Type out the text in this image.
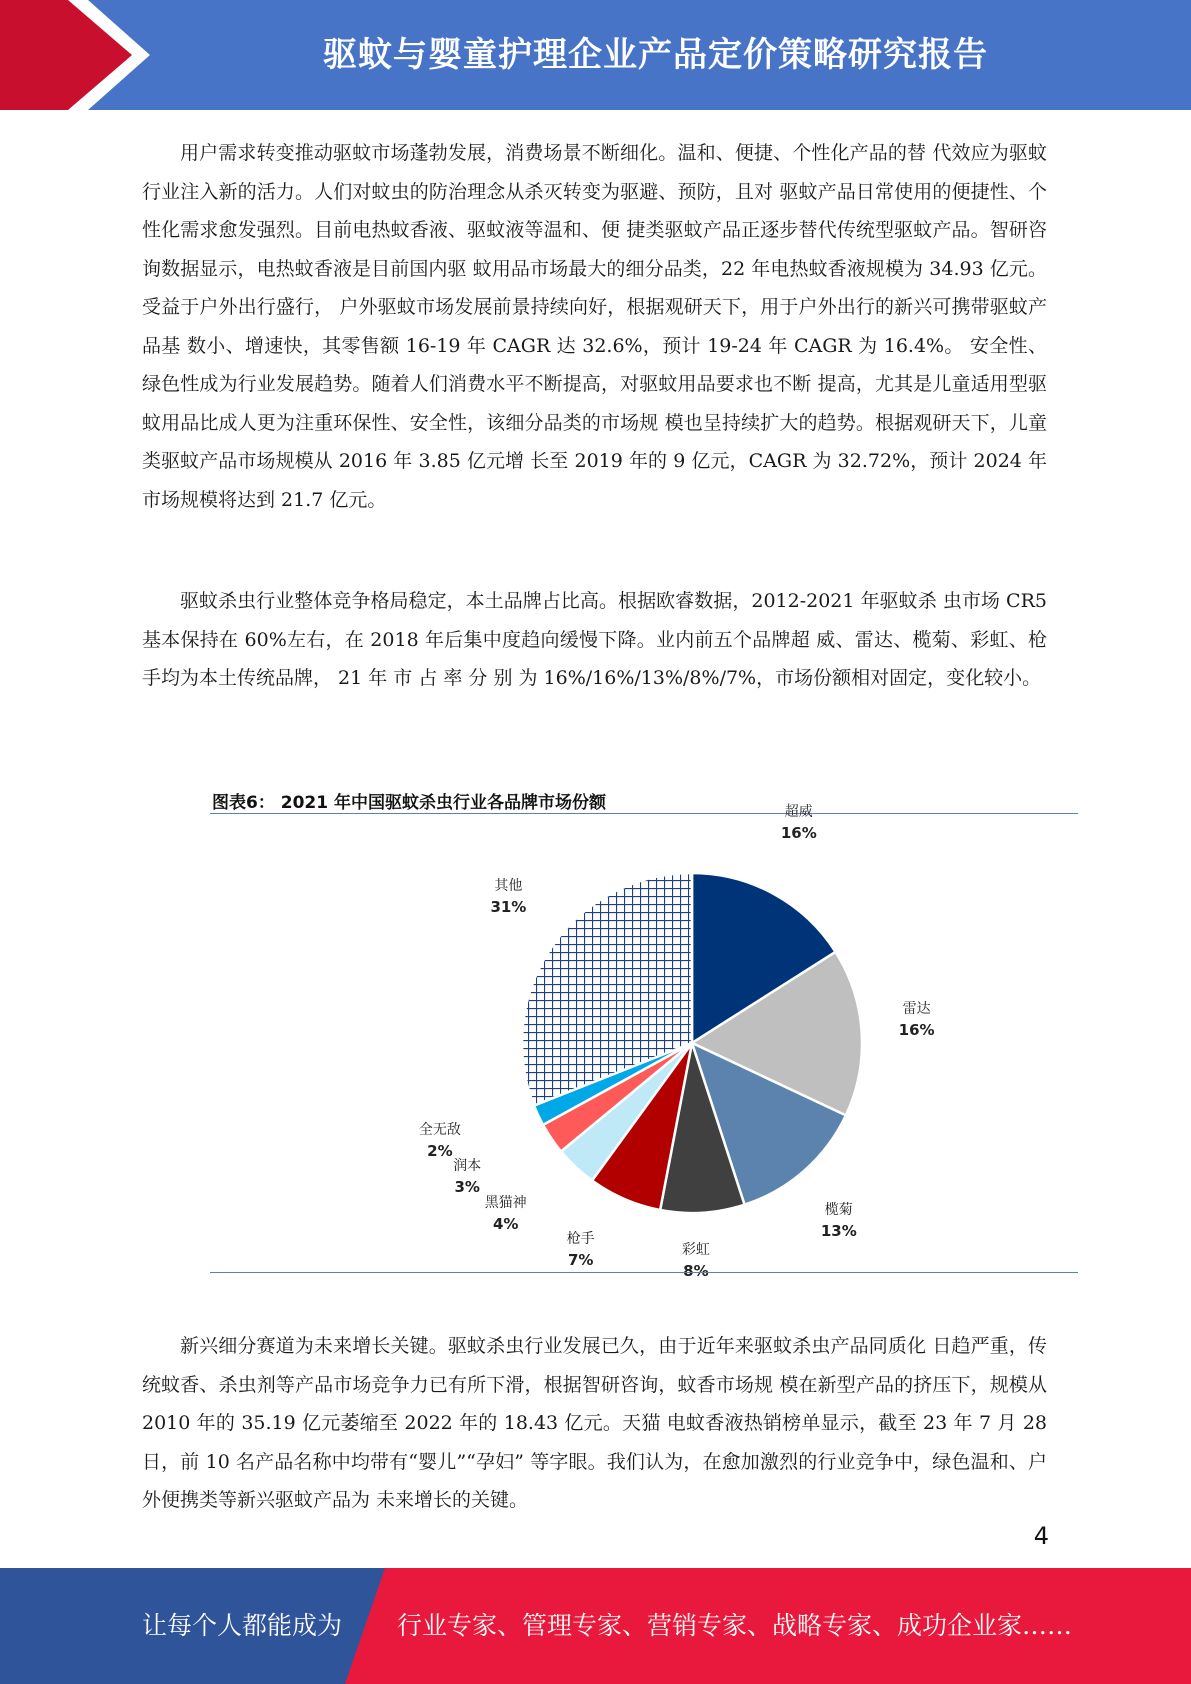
驱蚊与婴童护理企业产品定价策略研究报告

用户需求转变推动驱蚊市场蓬勃发展，消费场景不断细化。温和、便捷、个性化产品的替 代效应为驱蚊行业注入新的活力。人们对蚊虫的防治理念从杀灭转变为驱避、预防，且对 驱蚊产品日常使用的便捷性、个性化需求愈发强烈。目前电热蚊香液、驱蚊液等温和、便 捷类驱蚊产品正逐步替代传统型驱蚊产品。智研咨询数据显示，电热蚊香液是目前国内驱 蚊用品市场最大的细分品类，22 年电热蚊香液规模为 34.93 亿元。受益于户外出行盛行， 户外驱蚊市场发展前景持续向好，根据观研天下，用于户外出行的新兴可携带驱蚊产品基 数小、增速快，其零售额 16-19 年 CAGR 达 32.6%，预计 19-24 年 CAGR 为 16.4%。 安全性、绿色性成为行业发展趋势。随着人们消费水平不断提高，对驱蚊用品要求也不断 提高，尤其是儿童适用型驱蚊用品比成人更为注重环保性、安全性，该细分品类的市场规 模也呈持续扩大的趋势。根据观研天下，儿童类驱蚊产品市场规模从 2016 年 3.85 亿元增 长至 2019 年的 9 亿元，CAGR 为 32.72%，预计 2024 年市场规模将达到 21.7 亿元。

驱蚊杀虫行业整体竞争格局稳定，本土品牌占比高。根据欧睿数据，2012-2021 年驱蚊杀 虫市场 CR5 基本保持在 60%左右，在 2018 年后集中度趋向缓慢下降。业内前五个品牌超 威、雷达、榄菊、彩虹、枪手均为本土传统品牌， 21 年 市 占 率 分 别 为 16%/16%/13%/8%/7%，市场份额相对固定，变化较小。

图表6： 2021 年中国驱蚊杀虫行业各品牌市场份额	超威
16%
雷达
16%
榄菊
13%
彩虹
8%
枪手
7%
黑猫神
4%
润本
3%
全无敌
2%
其他
31%

新兴细分赛道为未来增长关键。驱蚊杀虫行业发展已久，由于近年来驱蚊杀虫产品同质化 日趋严重，传统蚊香、杀虫剂等产品市场竞争力已有所下滑，根据智研咨询，蚊香市场规 模在新型产品的挤压下，规模从 2010 年的 35.19 亿元萎缩至 2022 年的 18.43 亿元。天猫 电蚊香液热销榜单显示，截至 23 年 7 月 28 日，前 10 名产品名称中均带有“婴儿”“孕妇” 等字眼。我们认为，在愈加激烈的行业竞争中，绿色温和、户外便携类等新兴驱蚊产品为 未来增长的关键。

4
让每个人都能成为 行业专家、管理专家、营销专家、战略专家、成功企业家……
